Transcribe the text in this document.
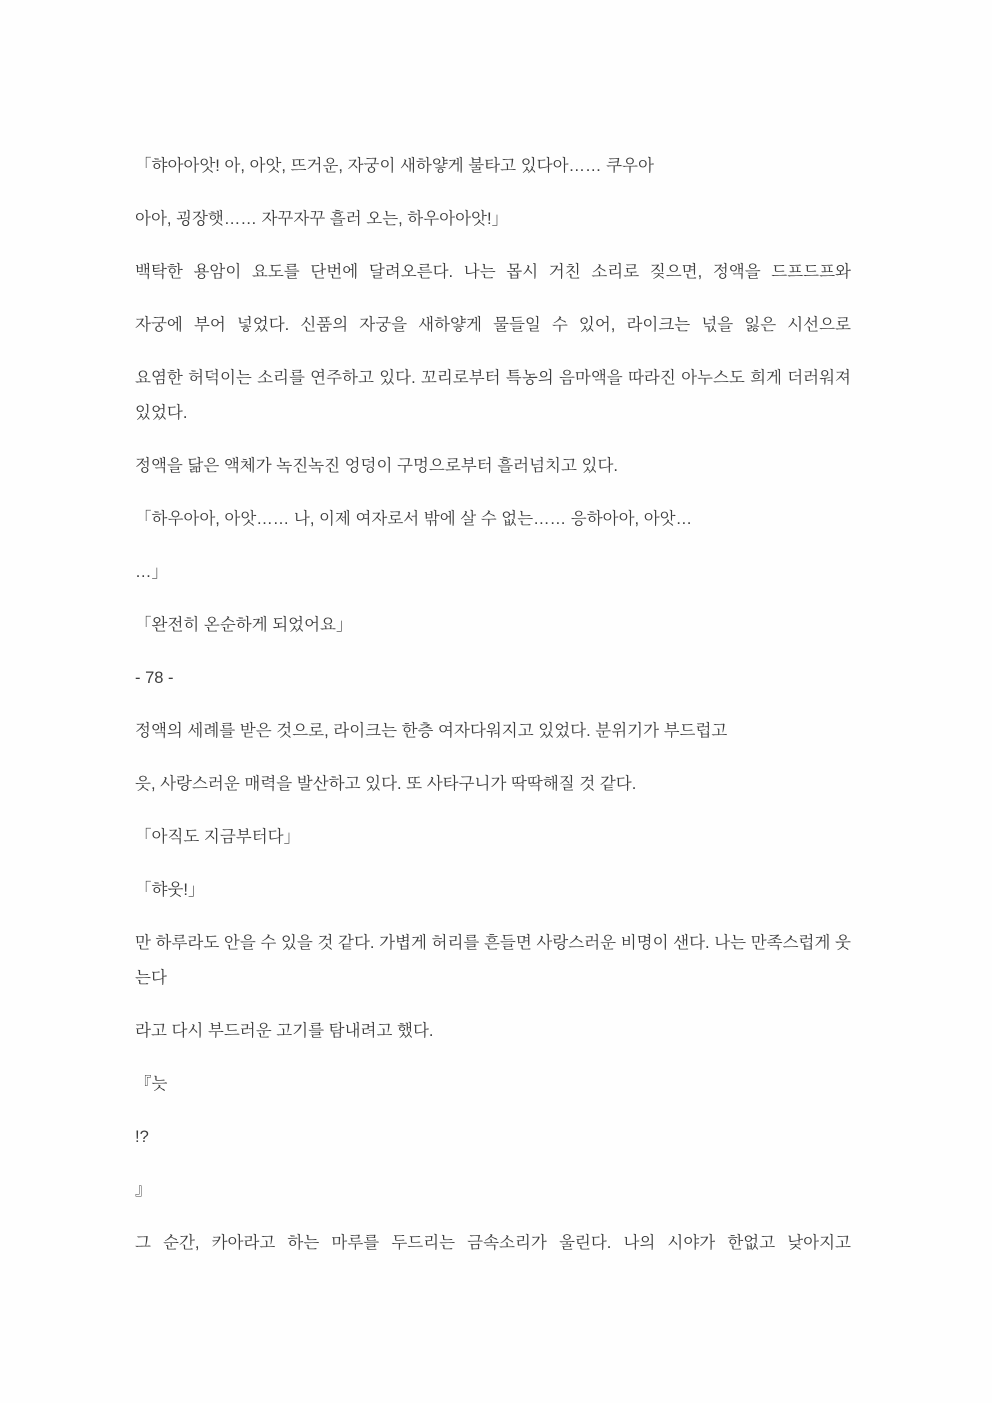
「햐아아앗! 아, 아앗, 뜨거운, 자궁이 새하얗게 불타고 있다아…… 쿠우아
아아, 굉장햇…… 자꾸자꾸 흘러 오는, 하우아아앗!」
백탁한 용암이 요도를 단번에 달려오른다. 나는 몹시 거친 소리로 짖으면, 정액을 드프드프와
자궁에 부어 넣었다. 신품의 자궁을 새하얗게 물들일 수 있어, 라이크는 넋을 잃은 시선으로
요염한 허덕이는 소리를 연주하고 있다. 꼬리로부터 특농의 음마액을 따라진 아누스도 희게 더러워져 있었다.
정액을 닮은 액체가 녹진녹진 엉덩이 구멍으로부터 흘러넘치고 있다.
「하우아아, 아앗…… 나, 이제 여자로서 밖에 살 수 없는…… 응하아아, 아앗…
…」
「완전히 온순하게 되었어요」
- 78 -
정액의 세례를 받은 것으로, 라이크는 한층 여자다워지고 있었다. 분위기가 부드럽고
읏, 사랑스러운 매력을 발산하고 있다. 또 사타구니가 딱딱해질 것 같다.
「아직도 지금부터다」
「햐웃!」
만 하루라도 안을 수 있을 것 같다. 가볍게 허리를 흔들면 사랑스러운 비명이 샌다. 나는 만족스럽게 웃는다
라고 다시 부드러운 고기를 탐내려고 했다.
『늣
!?
』
그 순간, 카아라고 하는 마루를 두드리는 금속소리가 울린다. 나의 시야가 한없고 낮아지고
